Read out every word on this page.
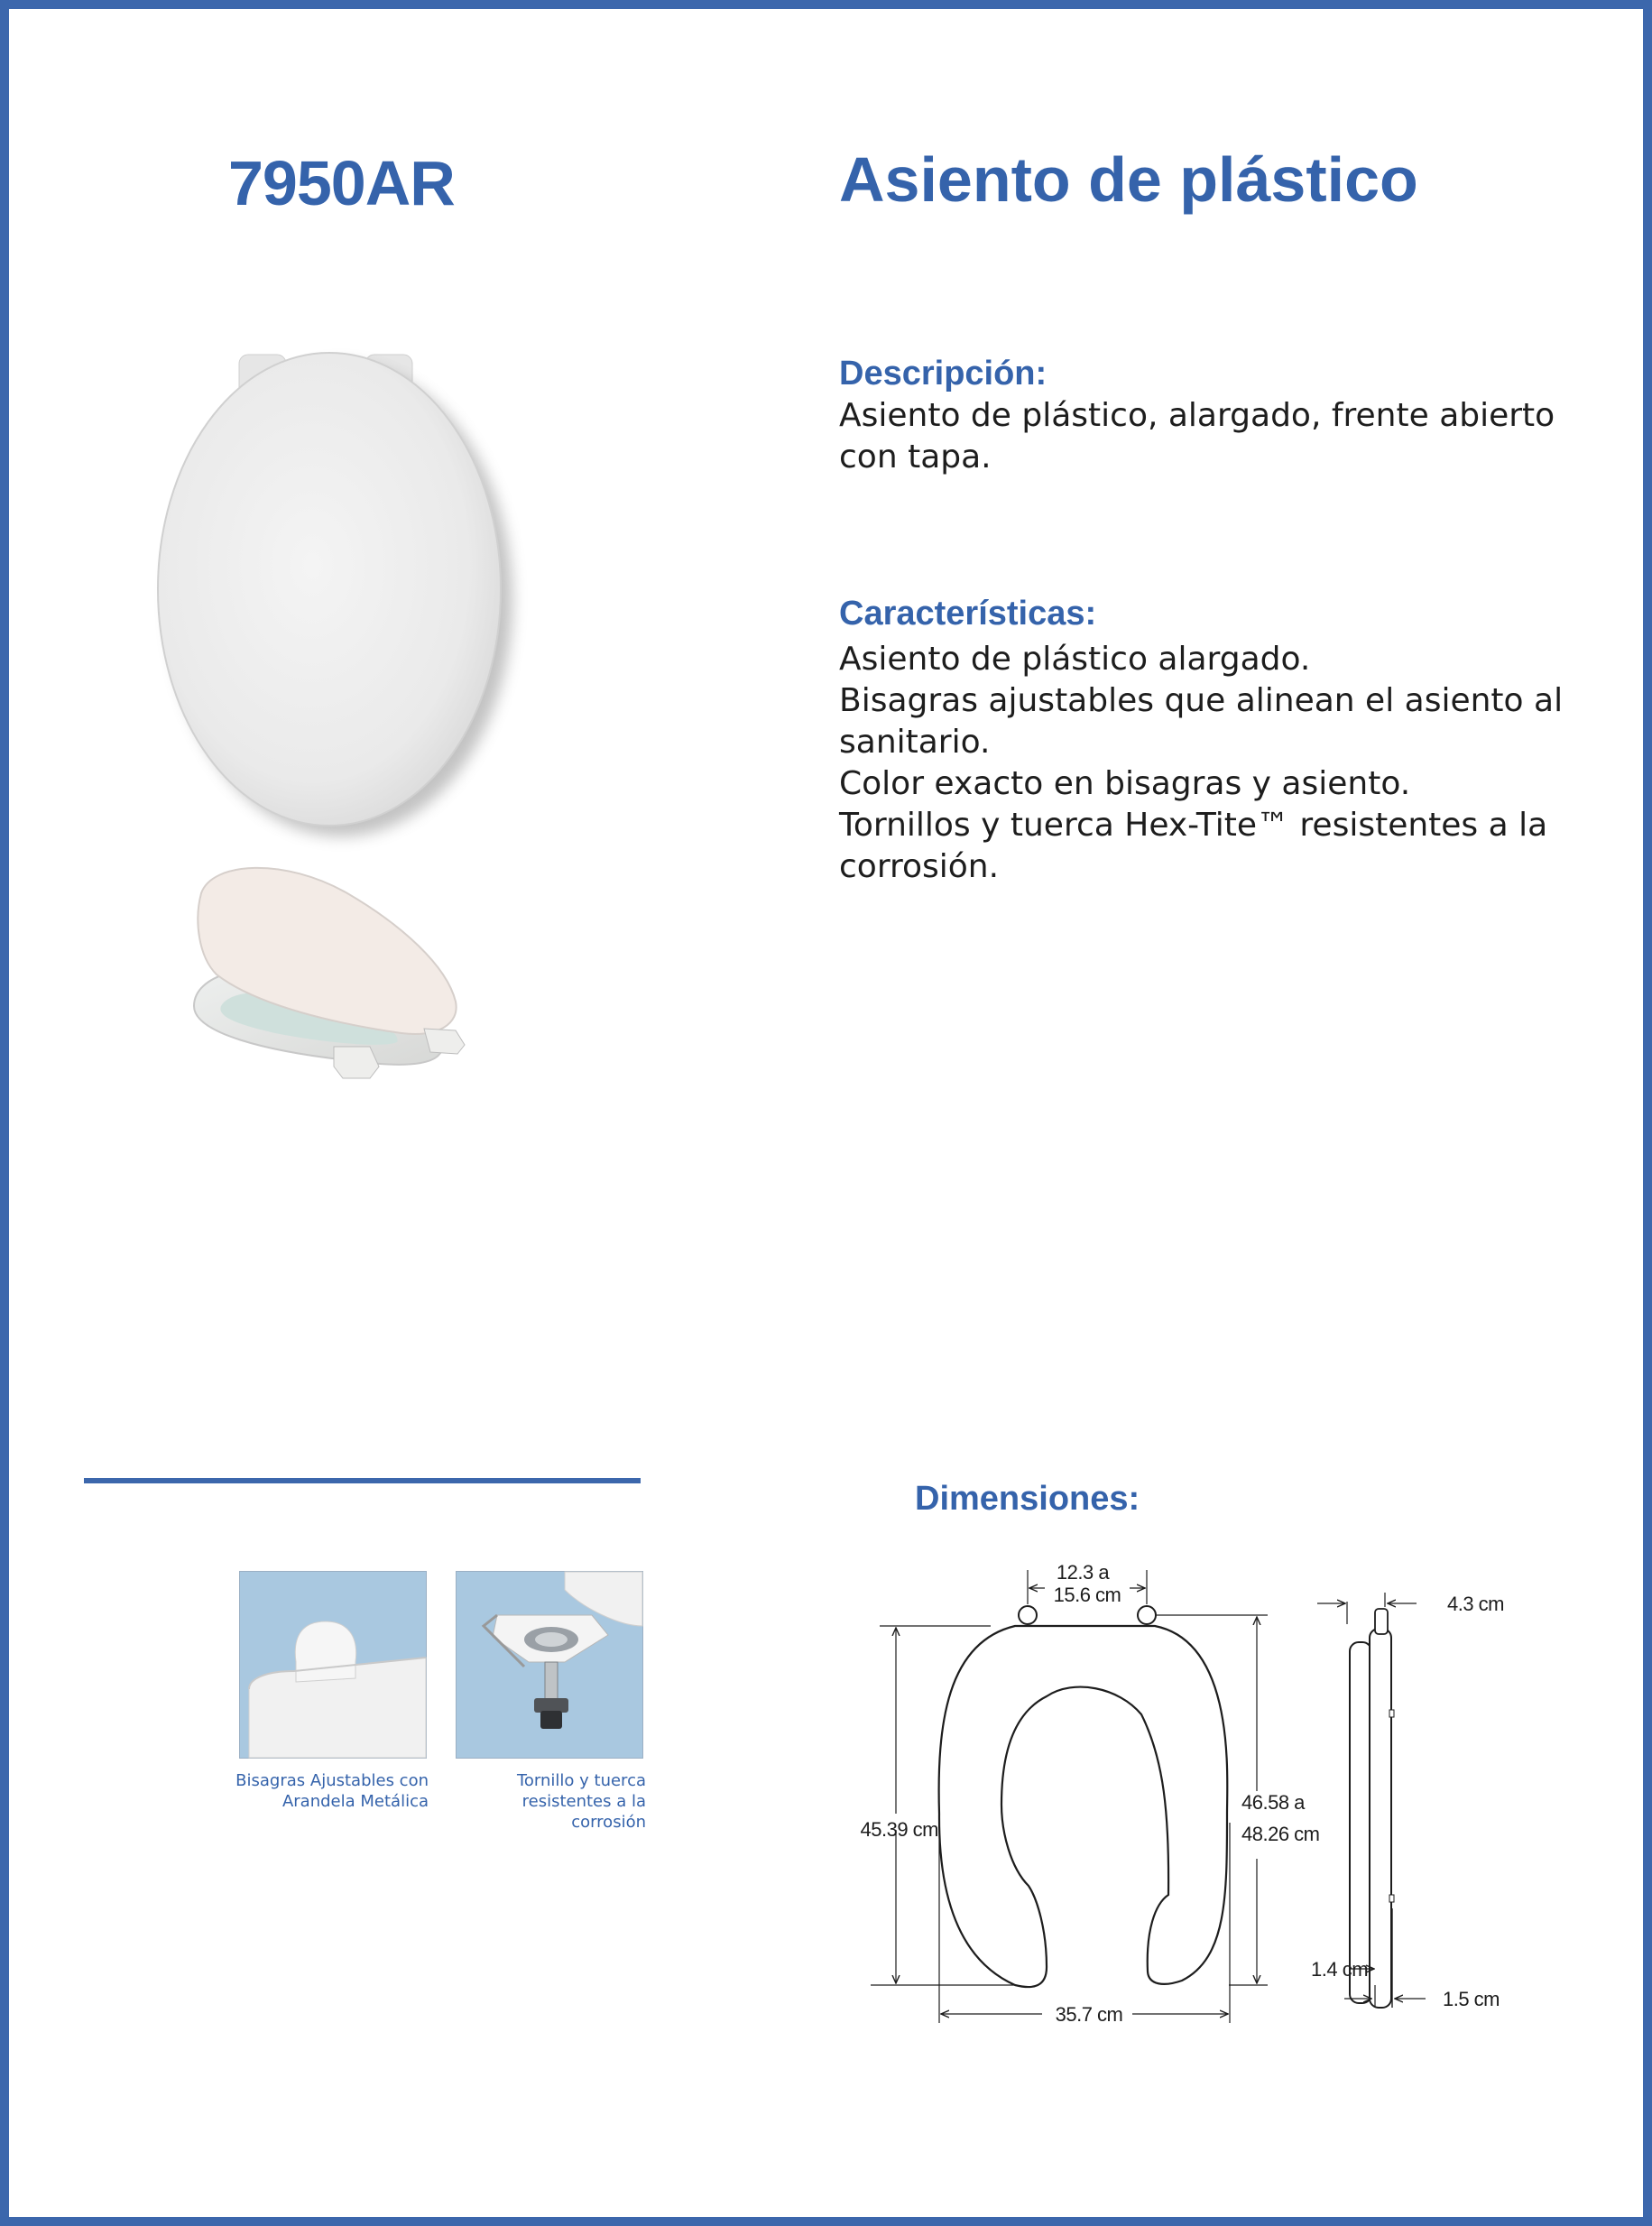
7950AR	Asiento de plástico
Descripción:
Asiento de plástico, alargado, frente abierto
con tapa.
Características:
Asiento de plástico alargado.
Bisagras ajustables que alinean el asiento al
sanitario.
Color exacto en bisagras y asiento.
Tornillos y tuerca Hex-Tite™ resistentes a la
corrosión.
Bisagras Ajustables con
Arandela Metálica
Tornillo y tuerca
resistentes a la
corrosión
Dimensiones:
12.3 a
15.6 cm
45.39 cm
46.58 a
48.26 cm
35.7 cm
4.3 cm
1.4 cm
1.5 cm
